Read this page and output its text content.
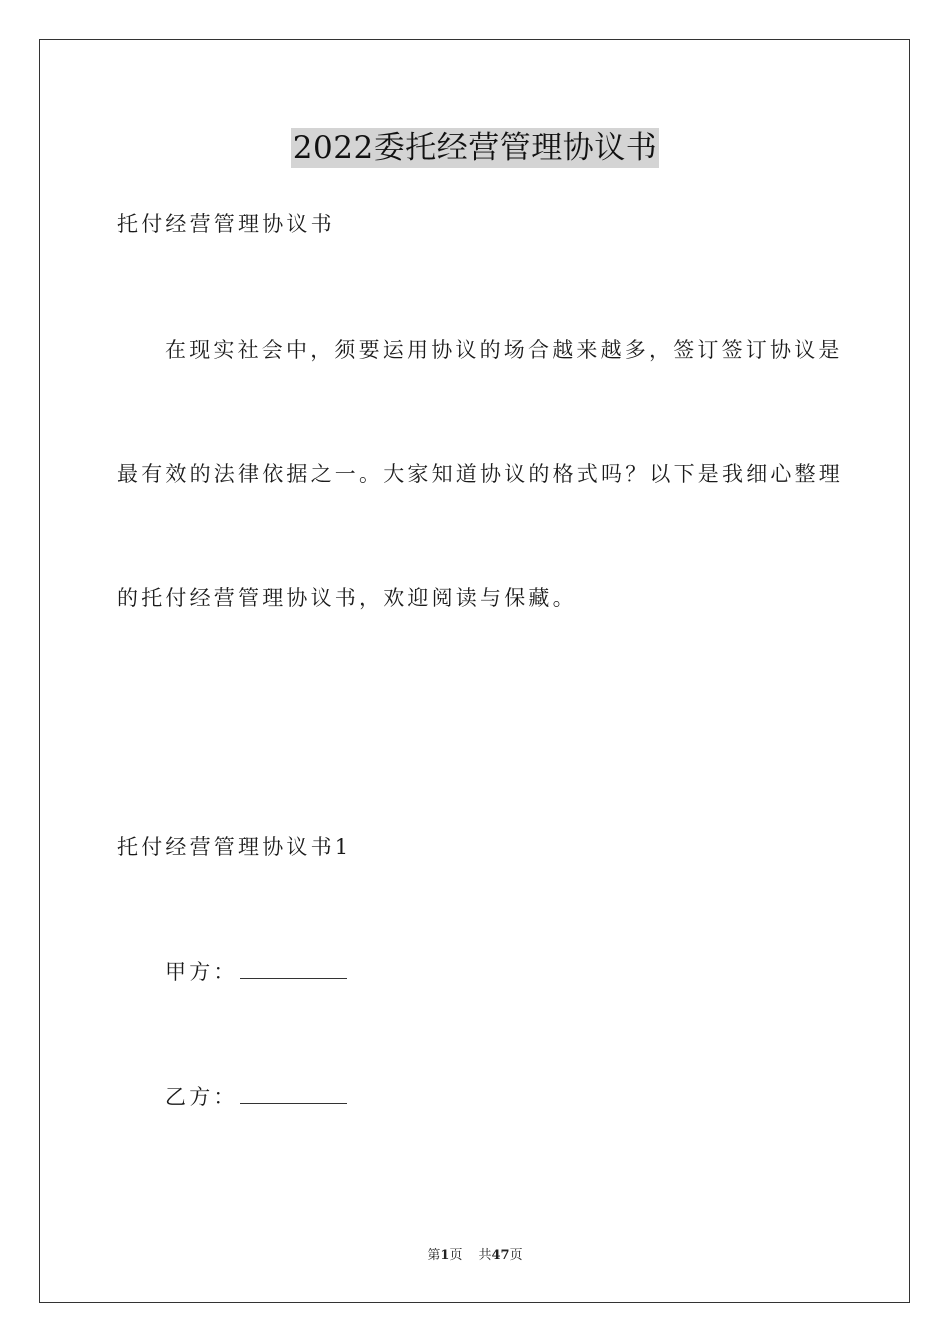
2022委托经营管理协议书
托付经营管理协议书
在现实社会中，须要运用协议的场合越来越多，签订签订协议是
最有效的法律依据之一。大家知道协议的格式吗？以下是我细心整理
的托付经营管理协议书，欢迎阅读与保藏。
托付经营管理协议书1
甲方：
乙方：
第1页 共47页
